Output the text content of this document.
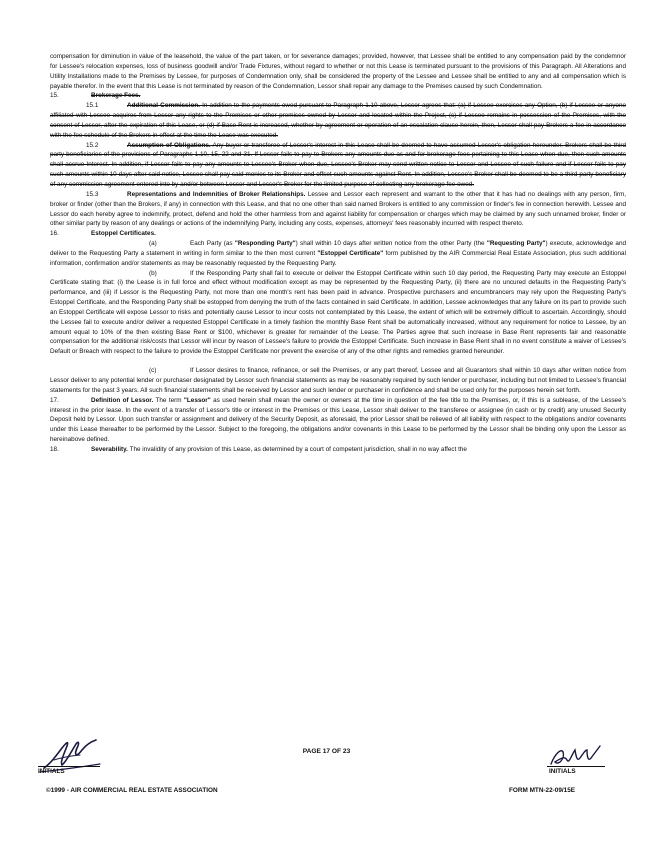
compensation for diminution in value of the leasehold, the value of the part taken, or for severance damages; provided, however, that Lessee shall be entitled to any compensation paid by the condemnor for Lessee's relocation expenses, loss of business goodwill and/or Trade Fixtures, without regard to whether or not this Lease is terminated pursuant to the provisions of this Paragraph. All Alterations and Utility Installations made to the Premises by Lessee, for purposes of Condemnation only, shall be considered the property of the Lessee and Lessee shall be entitled to any and all compensation which is payable therefor. In the event that this Lease is not terminated by reason of the Condemnation, Lessor shall repair any damage to the Premises caused by such Condemnation.

15.	Brokerage Fees.

15.1	Additional Commission. In addition to the payments owed pursuant to Paragraph 1.10 above, Lessor agrees that: (a) if Lessee exercises any Option, (b) if Lessee or anyone affiliated with Lessee acquires from Lessor any rights to the Premises or other premises owned by Lessor and located within the Project, (c) if Lessee remains in possession of the Premises, with the consent of Lessor, after the expiration of this Lease, or (d) if Base Rent is increased, whether by agreement or operation of an escalation clause herein, then, Lessor shall pay Brokers a fee in accordance with the fee schedule of the Brokers in effect at the time the Lease was executed.

15.2	Assumption of Obligations. Any buyer or transferee of Lessor's interest in this Lease shall be deemed to have assumed Lessor's obligation hereunder. Brokers shall be third party beneficiaries of the provisions of Paragraphs 1.10, 15, 22 and 31. If Lessor fails to pay to Brokers any amounts due as and for brokerage fees pertaining to this Lease when due, then such amounts shall accrue Interest. In addition, if Lessor fails to pay any amounts to Lessee's Broker when due, Lessee's Broker may send written notice to Lessor and Lessee of such failure and if Lessor fails to pay such amounts within 10 days after said notice, Lessee shall pay said monies to its Broker and offset such amounts against Rent. In addition, Lessee's Broker shall be deemed to be a third party beneficiary of any commission agreement entered into by and/or between Lessor and Lessor's Broker for the limited purpose of collecting any brokerage fee owed.

15.3	Representations and Indemnities of Broker Relationships. Lessee and Lessor each represent and warrant to the other that it has had no dealings with any person, firm, broker or finder (other than the Brokers, if any) in connection with this Lease, and that no one other than said named Brokers is entitled to any commission or finder's fee in connection herewith. Lessee and Lessor do each hereby agree to indemnify, protect, defend and hold the other harmless from and against liability for compensation or charges which may be claimed by any such unnamed broker, finder or other similar party by reason of any dealings or actions of the indemnifying Party, including any costs, expenses, attorneys' fees reasonably incurred with respect thereto.

16.	Estoppel Certificates.

(a)	Each Party (as "Responding Party") shall within 10 days after written notice from the other Party (the "Requesting Party") execute, acknowledge and deliver to the Requesting Party a statement in writing in form similar to the then most current "Estoppel Certificate" form published by the AIR Commercial Real Estate Association, plus such additional information, confirmation and/or statements as may be reasonably requested by the Requesting Party.

(b)	If the Responding Party shall fail to execute or deliver the Estoppel Certificate within such 10 day period, the Requesting Party may execute an Estoppel Certificate stating that: (i) the Lease is in full force and effect without modification except as may be represented by the Requesting Party, (ii) there are no uncured defaults in the Requesting Party's performance, and (iii) if Lessor is the Requesting Party, not more than one month's rent has been paid in advance. Prospective purchasers and encumbrancers may rely upon the Requesting Party's Estoppel Certificate, and the Responding Party shall be estopped from denying the truth of the facts contained in said Certificate. In addition, Lessee acknowledges that any failure on its part to provide such an Estoppel Certificate will expose Lessor to risks and potentially cause Lessor to incur costs not contemplated by this Lease, the extent of which will be extremely difficult to ascertain. Accordingly, should the Lessee fail to execute and/or deliver a requested Estoppel Certificate in a timely fashion the monthly Base Rent shall be automatically increased, without any requirement for notice to Lessee, by an amount equal to 10% of the then existing Base Rent or $100, whichever is greater for remainder of the Lease. The Parties agree that such increase in Base Rent represents fair and reasonable compensation for the additional risk/costs that Lessor will incur by reason of Lessee's failure to provide the Estoppel Certificate. Such increase in Base Rent shall in no event constitute a waiver of Lessee's Default or Breach with respect to the failure to provide the Estoppel Certificate nor prevent the exercise of any of the other rights and remedies granted hereunder.

(c)	If Lessor desires to finance, refinance, or sell the Premises, or any part thereof, Lessee and all Guarantors shall within 10 days after written notice from Lessor deliver to any potential lender or purchaser designated by Lessor such financial statements as may be reasonably required by such lender or purchaser, including but not limited to Lessee's financial statements for the past 3 years. All such financial statements shall be received by Lessor and such lender or purchaser in confidence and shall be used only for the purposes herein set forth.

17.	Definition of Lessor. The term "Lessor" as used herein shall mean the owner or owners at the time in question of the fee title to the Premises, or, if this is a sublease, of the Lessee's interest in the prior lease. In the event of a transfer of Lessor's title or interest in the Premises or this Lease, Lessor shall deliver to the transferee or assignee (in cash or by credit) any unused Security Deposit held by Lessor. Upon such transfer or assignment and delivery of the Security Deposit, as aforesaid, the prior Lessor shall be relieved of all liability with respect to the obligations and/or covenants under this Lease thereafter to be performed by the Lessor. Subject to the foregoing, the obligations and/or covenants in this Lease to be performed by the Lessor shall be binding only upon the Lessor as hereinabove defined.

18.	Severability. The invalidity of any provision of this Lease, as determined by a court of competent jurisdiction, shall in no way affect the

INITIALS
PAGE 17 OF 23
INITIALS
©1999 - AIR COMMERCIAL REAL ESTATE ASSOCIATION	FORM MTN-22-09/15E
